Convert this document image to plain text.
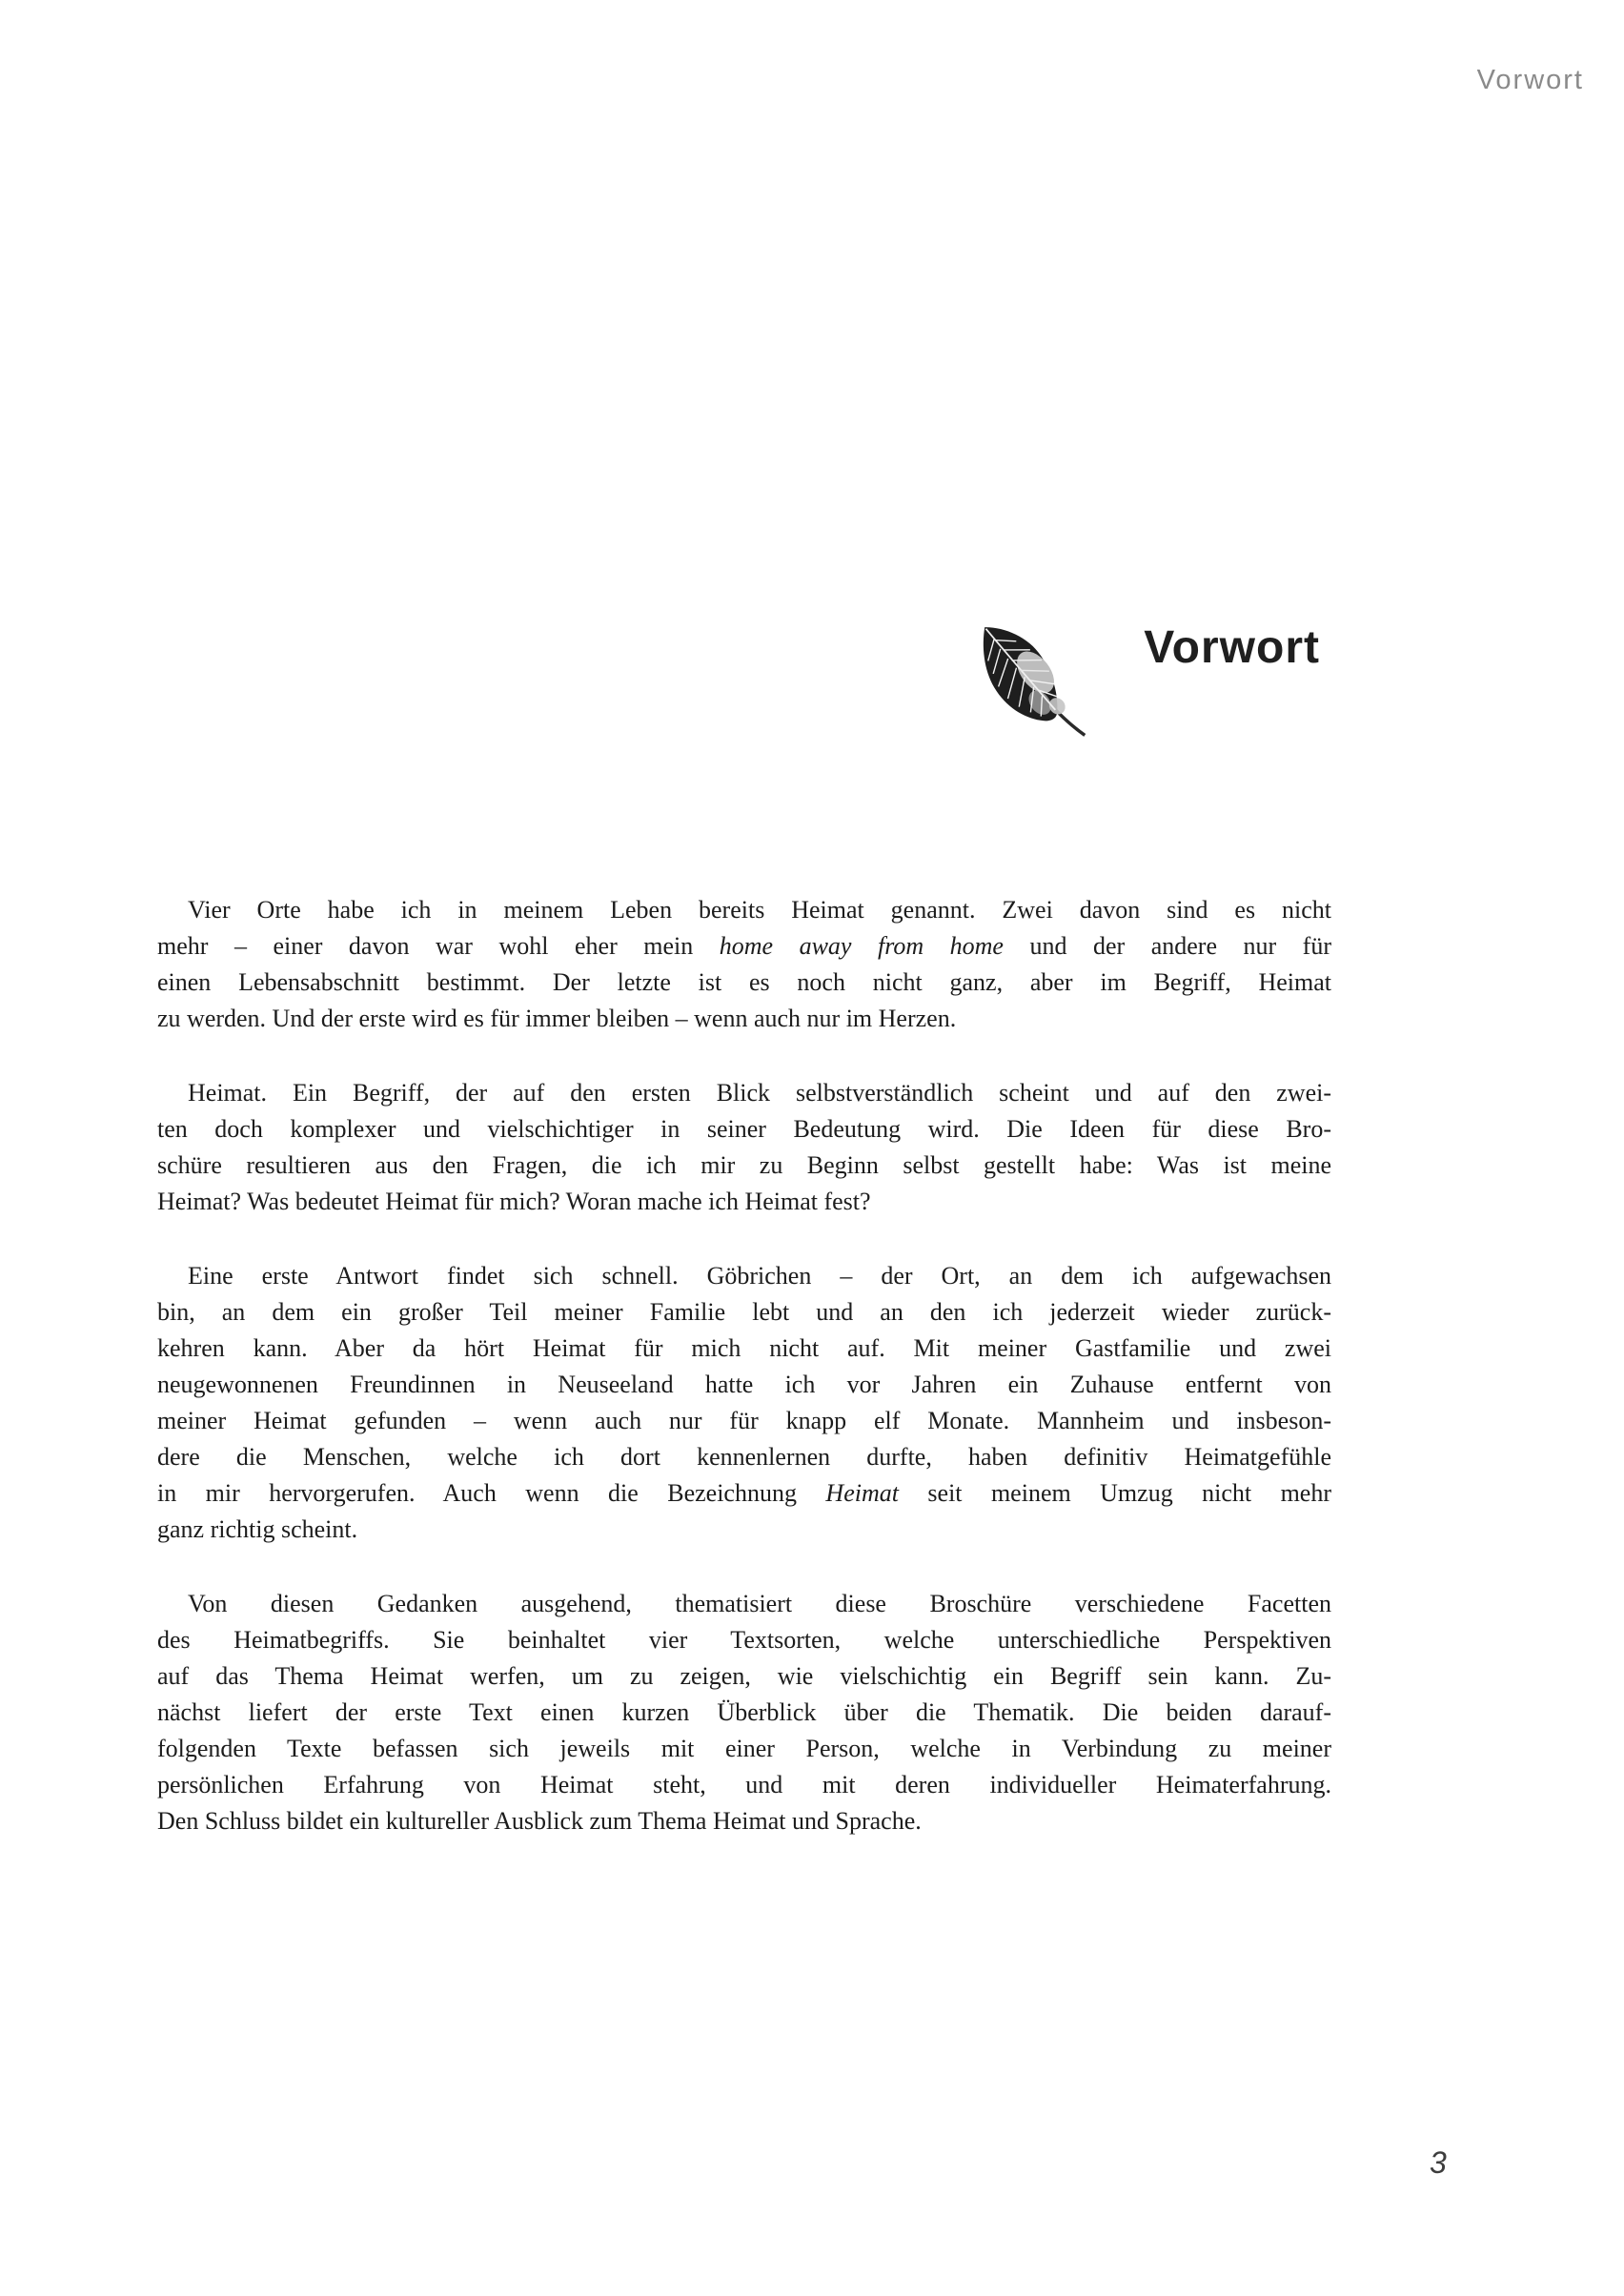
Vorwort
Vorwort
Vier Orte habe ich in meinem Leben bereits Heimat genannt. Zwei davon sind es nicht
mehr – einer davon war wohl eher mein home away from home und der andere nur für
einen Lebensabschnitt bestimmt. Der letzte ist es noch nicht ganz, aber im Begriff, Heimat
zu werden. Und der erste wird es für immer bleiben – wenn auch nur im Herzen.
Heimat. Ein Begriff, der auf den ersten Blick selbstverständlich scheint und auf den zwei-
ten doch komplexer und vielschichtiger in seiner Bedeutung wird. Die Ideen für diese Bro-
schüre resultieren aus den Fragen, die ich mir zu Beginn selbst gestellt habe: Was ist meine
Heimat? Was bedeutet Heimat für mich? Woran mache ich Heimat fest?
Eine erste Antwort findet sich schnell. Göbrichen – der Ort, an dem ich aufgewachsen
bin, an dem ein großer Teil meiner Familie lebt und an den ich jederzeit wieder zurück-
kehren kann. Aber da hört Heimat für mich nicht auf. Mit meiner Gastfamilie und zwei
neugewonnenen Freundinnen in Neuseeland hatte ich vor Jahren ein Zuhause entfernt von
meiner Heimat gefunden – wenn auch nur für knapp elf Monate. Mannheim und insbeson-
dere die Menschen, welche ich dort kennenlernen durfte, haben definitiv Heimatgefühle
in mir hervorgerufen. Auch wenn die Bezeichnung Heimat seit meinem Umzug nicht mehr
ganz richtig scheint.
Von diesen Gedanken ausgehend, thematisiert diese Broschüre verschiedene Facetten
des Heimatbegriffs. Sie beinhaltet vier Textsorten, welche unterschiedliche Perspektiven
auf das Thema Heimat werfen, um zu zeigen, wie vielschichtig ein Begriff sein kann. Zu-
nächst liefert der erste Text einen kurzen Überblick über die Thematik. Die beiden darauf-
folgenden Texte befassen sich jeweils mit einer Person, welche in Verbindung zu meiner
persönlichen Erfahrung von Heimat steht, und mit deren individueller Heimaterfahrung.
Den Schluss bildet ein kultureller Ausblick zum Thema Heimat und Sprache.
3
